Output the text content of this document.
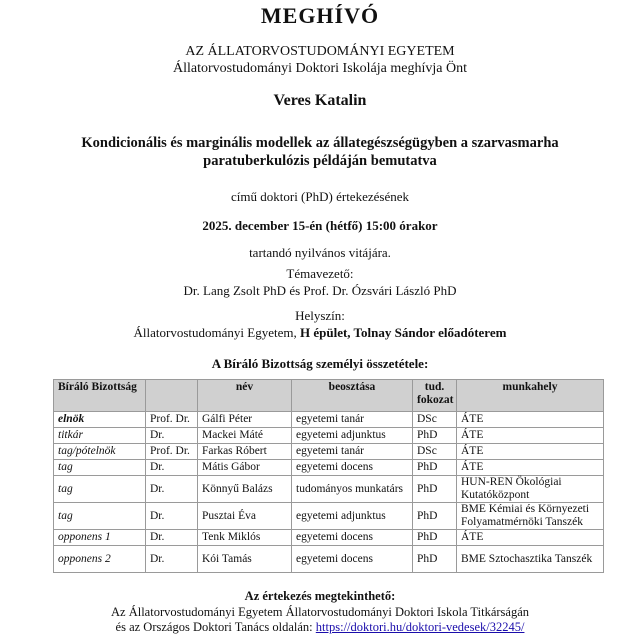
MEGHÍVÓ
AZ ÁLLATORVOSTUDOMÁNYI EGYETEM
Állatorvostudományi Doktori Iskolája meghívja Önt
Veres Katalin
Kondicionális és marginális modellek az állategészségügyben a szarvasmarha
paratuberkulózis példáján bemutatva
című doktori (PhD) értekezésének
2025. december 15-én (hétfő) 15:00 órakor
tartandó nyilvános vitájára.
Témavezető:
Dr. Lang Zsolt PhD és Prof. Dr. Ózsvári László PhD
Helyszín:
Állatorvostudományi Egyetem, H épület, Tolnay Sándor előadóterem
A Bíráló Bizottság személyi összetétele:
Bíráló Bizottság		név	beosztása	tud. fokozat	munkahely
elnök	Prof. Dr.	Gálfi Péter	egyetemi tanár	DSc	ÁTE
titkár	Dr.	Mackei Máté	egyetemi adjunktus	PhD	ÁTE
tag/pótelnök	Prof. Dr.	Farkas Róbert	egyetemi tanár	DSc	ÁTE
tag	Dr.	Mátis Gábor	egyetemi docens	PhD	ÁTE
tag	Dr.	Könnyű Balázs	tudományos munkatárs	PhD	HUN-REN Ökológiai Kutatóközpont
tag	Dr.	Pusztai Éva	egyetemi adjunktus	PhD	BME Kémiai és Környezeti Folyamatmérnöki Tanszék
opponens 1	Dr.	Tenk Miklós	egyetemi docens	PhD	ÁTE
opponens 2	Dr.	Kói Tamás	egyetemi docens	PhD	BME Sztochasztika Tanszék
Az értekezés megtekinthető:
Az Állatorvostudományi Egyetem Állatorvostudományi Doktori Iskola Titkárságán
és az Országos Doktori Tanács oldalán: https://doktori.hu/doktori-vedesek/32245/
